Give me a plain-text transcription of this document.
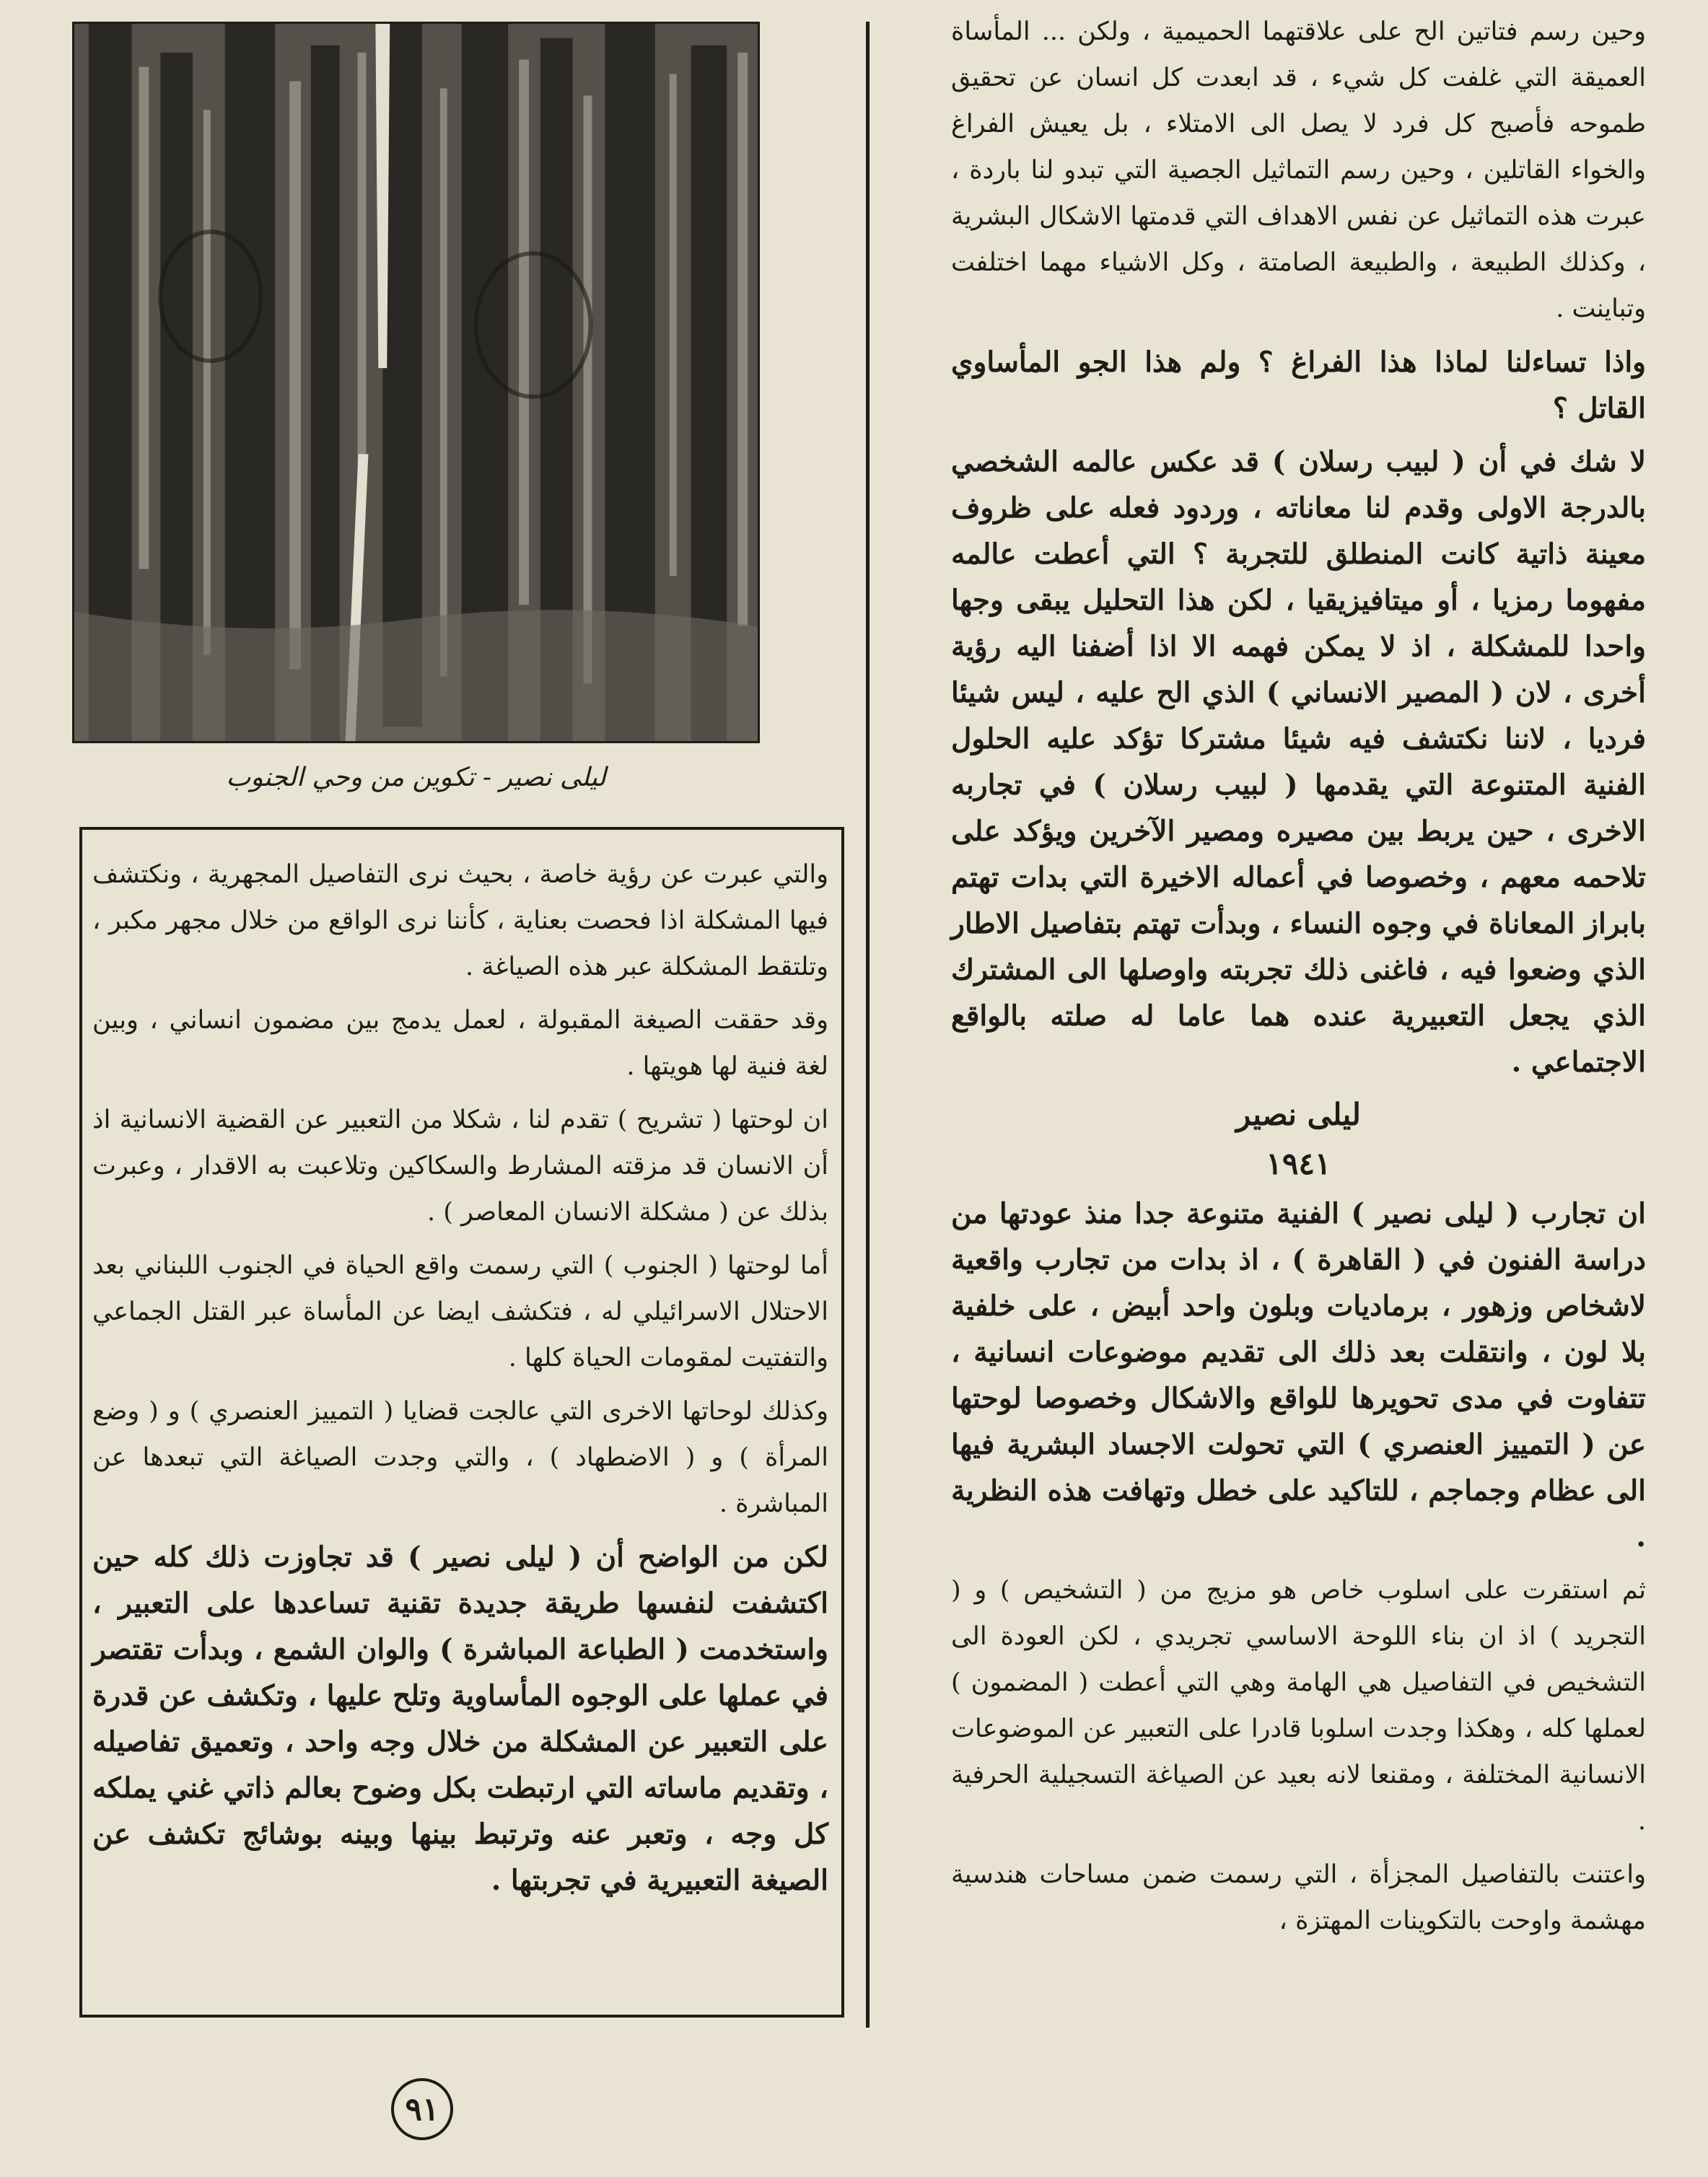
وحين رسم فتاتين الح على علاقتهما الحميمية ، ولكن ... المأساة العميقة التي غلفت كل شيء ، قد ابعدت كل انسان عن تحقيق طموحه فأصبح كل فرد لا يصل الى الامتلاء ، بل يعيش الفراغ والخواء القاتلين ، وحين رسم التماثيل الجصية التي تبدو لنا باردة ، عبرت هذه التماثيل عن نفس الاهداف التي قدمتها الاشكال البشرية ، وكذلك الطبيعة ، والطبيعة الصامتة ، وكل الاشياء مهما اختلفت وتباينت .

واذا تساءلنا لماذا هذا الفراغ ؟ ولم هذا الجو المأساوي القاتل ؟

لا شك في أن ( لبيب رسلان ) قد عكس عالمه الشخصي بالدرجة الاولى وقدم لنا معاناته ، وردود فعله على ظروف معينة ذاتية كانت المنطلق للتجربة ؟ التي أعطت عالمه مفهوما رمزيا ، أو ميتافيزيقيا ، لكن هذا التحليل يبقى وجها واحدا للمشكلة ، اذ لا يمكن فهمه الا اذا أضفنا اليه رؤية أخرى ، لان ( المصير الانساني ) الذي الح عليه ، ليس شيئا فرديا ، لاننا نكتشف فيه شيئا مشتركا تؤكد عليه الحلول الفنية المتنوعة التي يقدمها ( لبيب رسلان ) في تجاربه الاخرى ، حين يربط بين مصيره ومصير الآخرين ويؤكد على تلاحمه معهم ، وخصوصا في أعماله الاخيرة التي بدات تهتم بابراز المعاناة في وجوه النساء ، وبدأت تهتم بتفاصيل الاطار الذي وضعوا فيه ، فاغنى ذلك تجربته واوصلها الى المشترك الذي يجعل التعبيرية عنده هما عاما له صلته بالواقع الاجتماعي .

ليلى نصير
١٩٤١

ان تجارب ( ليلى نصير ) الفنية متنوعة جدا منذ عودتها من دراسة الفنون في ( القاهرة ) ، اذ بدات من تجارب واقعية لاشخاص وزهور ، برماديات وبلون واحد أبيض ، على خلفية بلا لون ، وانتقلت بعد ذلك الى تقديم موضوعات انسانية ، تتفاوت في مدى تحويرها للواقع والاشكال وخصوصا لوحتها عن ( التمييز العنصري ) التي تحولت الاجساد البشرية فيها الى عظام وجماجم ، للتاكيد على خطل وتهافت هذه النظرية .

ثم استقرت على اسلوب خاص هو مزيج من ( التشخيص ) و ( التجريد ) اذ ان بناء اللوحة الاساسي تجريدي ، لكن العودة الى التشخيص في التفاصيل هي الهامة وهي التي أعطت ( المضمون ) لعملها كله ، وهكذا وجدت اسلوبا قادرا على التعبير عن الموضوعات الانسانية المختلفة ، ومقنعا لانه بعيد عن الصياغة التسجيلية الحرفية .

واعتنت بالتفاصيل المجزأة ، التي رسمت ضمن مساحات هندسية مهشمة واوحت بالتكوينات المهتزة ،

ليلى نصير - تكوين من وحي الجنوب

والتي عبرت عن رؤية خاصة ، بحيث نرى التفاصيل المجهرية ، ونكتشف فيها المشكلة اذا فحصت بعناية ، كأننا نرى الواقع من خلال مجهر مكبر ، وتلتقط المشكلة عبر هذه الصياغة .

وقد حققت الصيغة المقبولة ، لعمل يدمج بين مضمون انساني ، وبين لغة فنية لها هويتها .

ان لوحتها ( تشريح ) تقدم لنا ، شكلا من التعبير عن القضية الانسانية اذ أن الانسان قد مزقته المشارط والسكاكين وتلاعبت به الاقدار ، وعبرت بذلك عن ( مشكلة الانسان المعاصر ) .

أما لوحتها ( الجنوب ) التي رسمت واقع الحياة في الجنوب اللبناني بعد الاحتلال الاسرائيلي له ، فتكشف ايضا عن المأساة عبر القتل الجماعي والتفتيت لمقومات الحياة كلها .

وكذلك لوحاتها الاخرى التي عالجت قضايا ( التمييز العنصري ) و ( وضع المرأة ) و ( الاضطهاد ) ، والتي وجدت الصياغة التي تبعدها عن المباشرة .

لكن من الواضح أن ( ليلى نصير ) قد تجاوزت ذلك كله حين اكتشفت لنفسها طريقة جديدة تقنية تساعدها على التعبير ، واستخدمت ( الطباعة المباشرة ) والوان الشمع ، وبدأت تقتصر في عملها على الوجوه المأساوية وتلح عليها ، وتكشف عن قدرة على التعبير عن المشكلة من خلال وجه واحد ، وتعميق تفاصيله ، وتقديم ماساته التي ارتبطت بكل وضوح بعالم ذاتي غني يملكه كل وجه ، وتعبر عنه وترتبط بينها وبينه بوشائج تكشف عن الصيغة التعبيرية في تجربتها .

٩١
